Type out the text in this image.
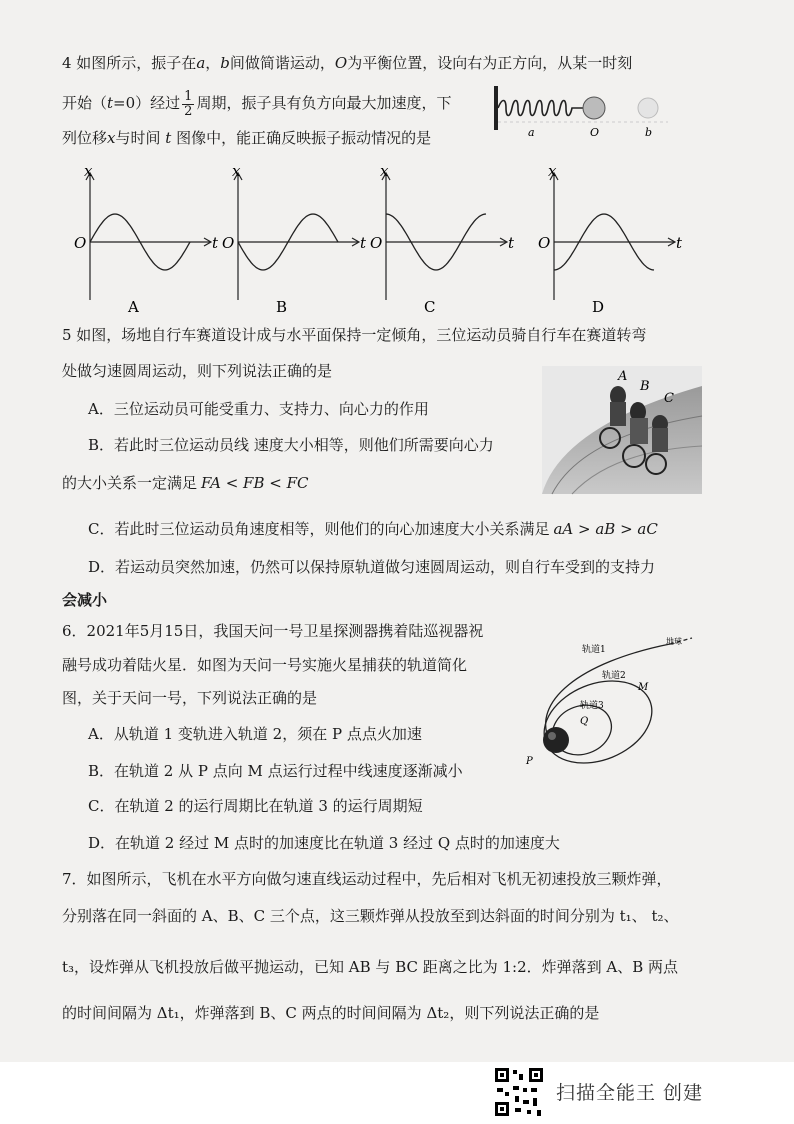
4 如图所示，振子在a，b间做简谐运动，O为平衡位置，设向右为正方向，从某一时刻
开始（t=0）经过 $\frac{1}{2}$ 周期，振子具有负方向最大加速度，下
列位移x与时间 t 图像中，能正确反映振子振动情况的是	a	O	b
x
t
O
A
x
t
O
B
x
t
O
C
x
t
O
D
5 如图，场地自行车赛道设计成与水平面保持一定倾角，三位运动员骑自行车在赛道转弯
处做匀速圆周运动，则下列说法正确的是
A．三位运动员可能受重力、支持力、向心力的作用
B．若此时三位运动员线 速度大小相等，则他们所需要向心力
的大小关系一定满足 FA < FB < FC
C．若此时三位运动员角速度相等，则他们的向心加速度大小关系满足 aA > aB > aC
D．若运动员突然加速，仍然可以保持原轨道做匀速圆周运动，则自行车受到的支持力
会减小
A
B
C
6．2021年5月15日，我国天问一号卫星探测器携着陆巡视器祝
融号成功着陆火星．如图为天问一号实施火星捕获的轨道简化
图，关于天问一号，下列说法正确的是
A．从轨道 1 变轨进入轨道 2，须在 P 点点火加速
B．在轨道 2 从 P 点向 M 点运行过程中线速度逐渐减小
C．在轨道 2 的运行周期比在轨道 3 的运行周期短
D．在轨道 2 经过 M 点时的加速度比在轨道 3 经过 Q 点时的加速度大
轨道1
地球
轨道2
M
轨道3
Q
P
7．如图所示，飞机在水平方向做匀速直线运动过程中，先后相对飞机无初速投放三颗炸弹，
分别落在同一斜面的 A、B、C 三个点，这三颗炸弹从投放至到达斜面的时间分别为 t₁、 t₂、
t₃，设炸弹从飞机投放后做平抛运动，已知 AB 与 BC 距离之比为 1:2．炸弹落到 A、B 两点
的时间间隔为 Δt₁，炸弹落到 B、C 两点的时间间隔为 Δt₂，则下列说法正确的是
扫描全能王 创建
